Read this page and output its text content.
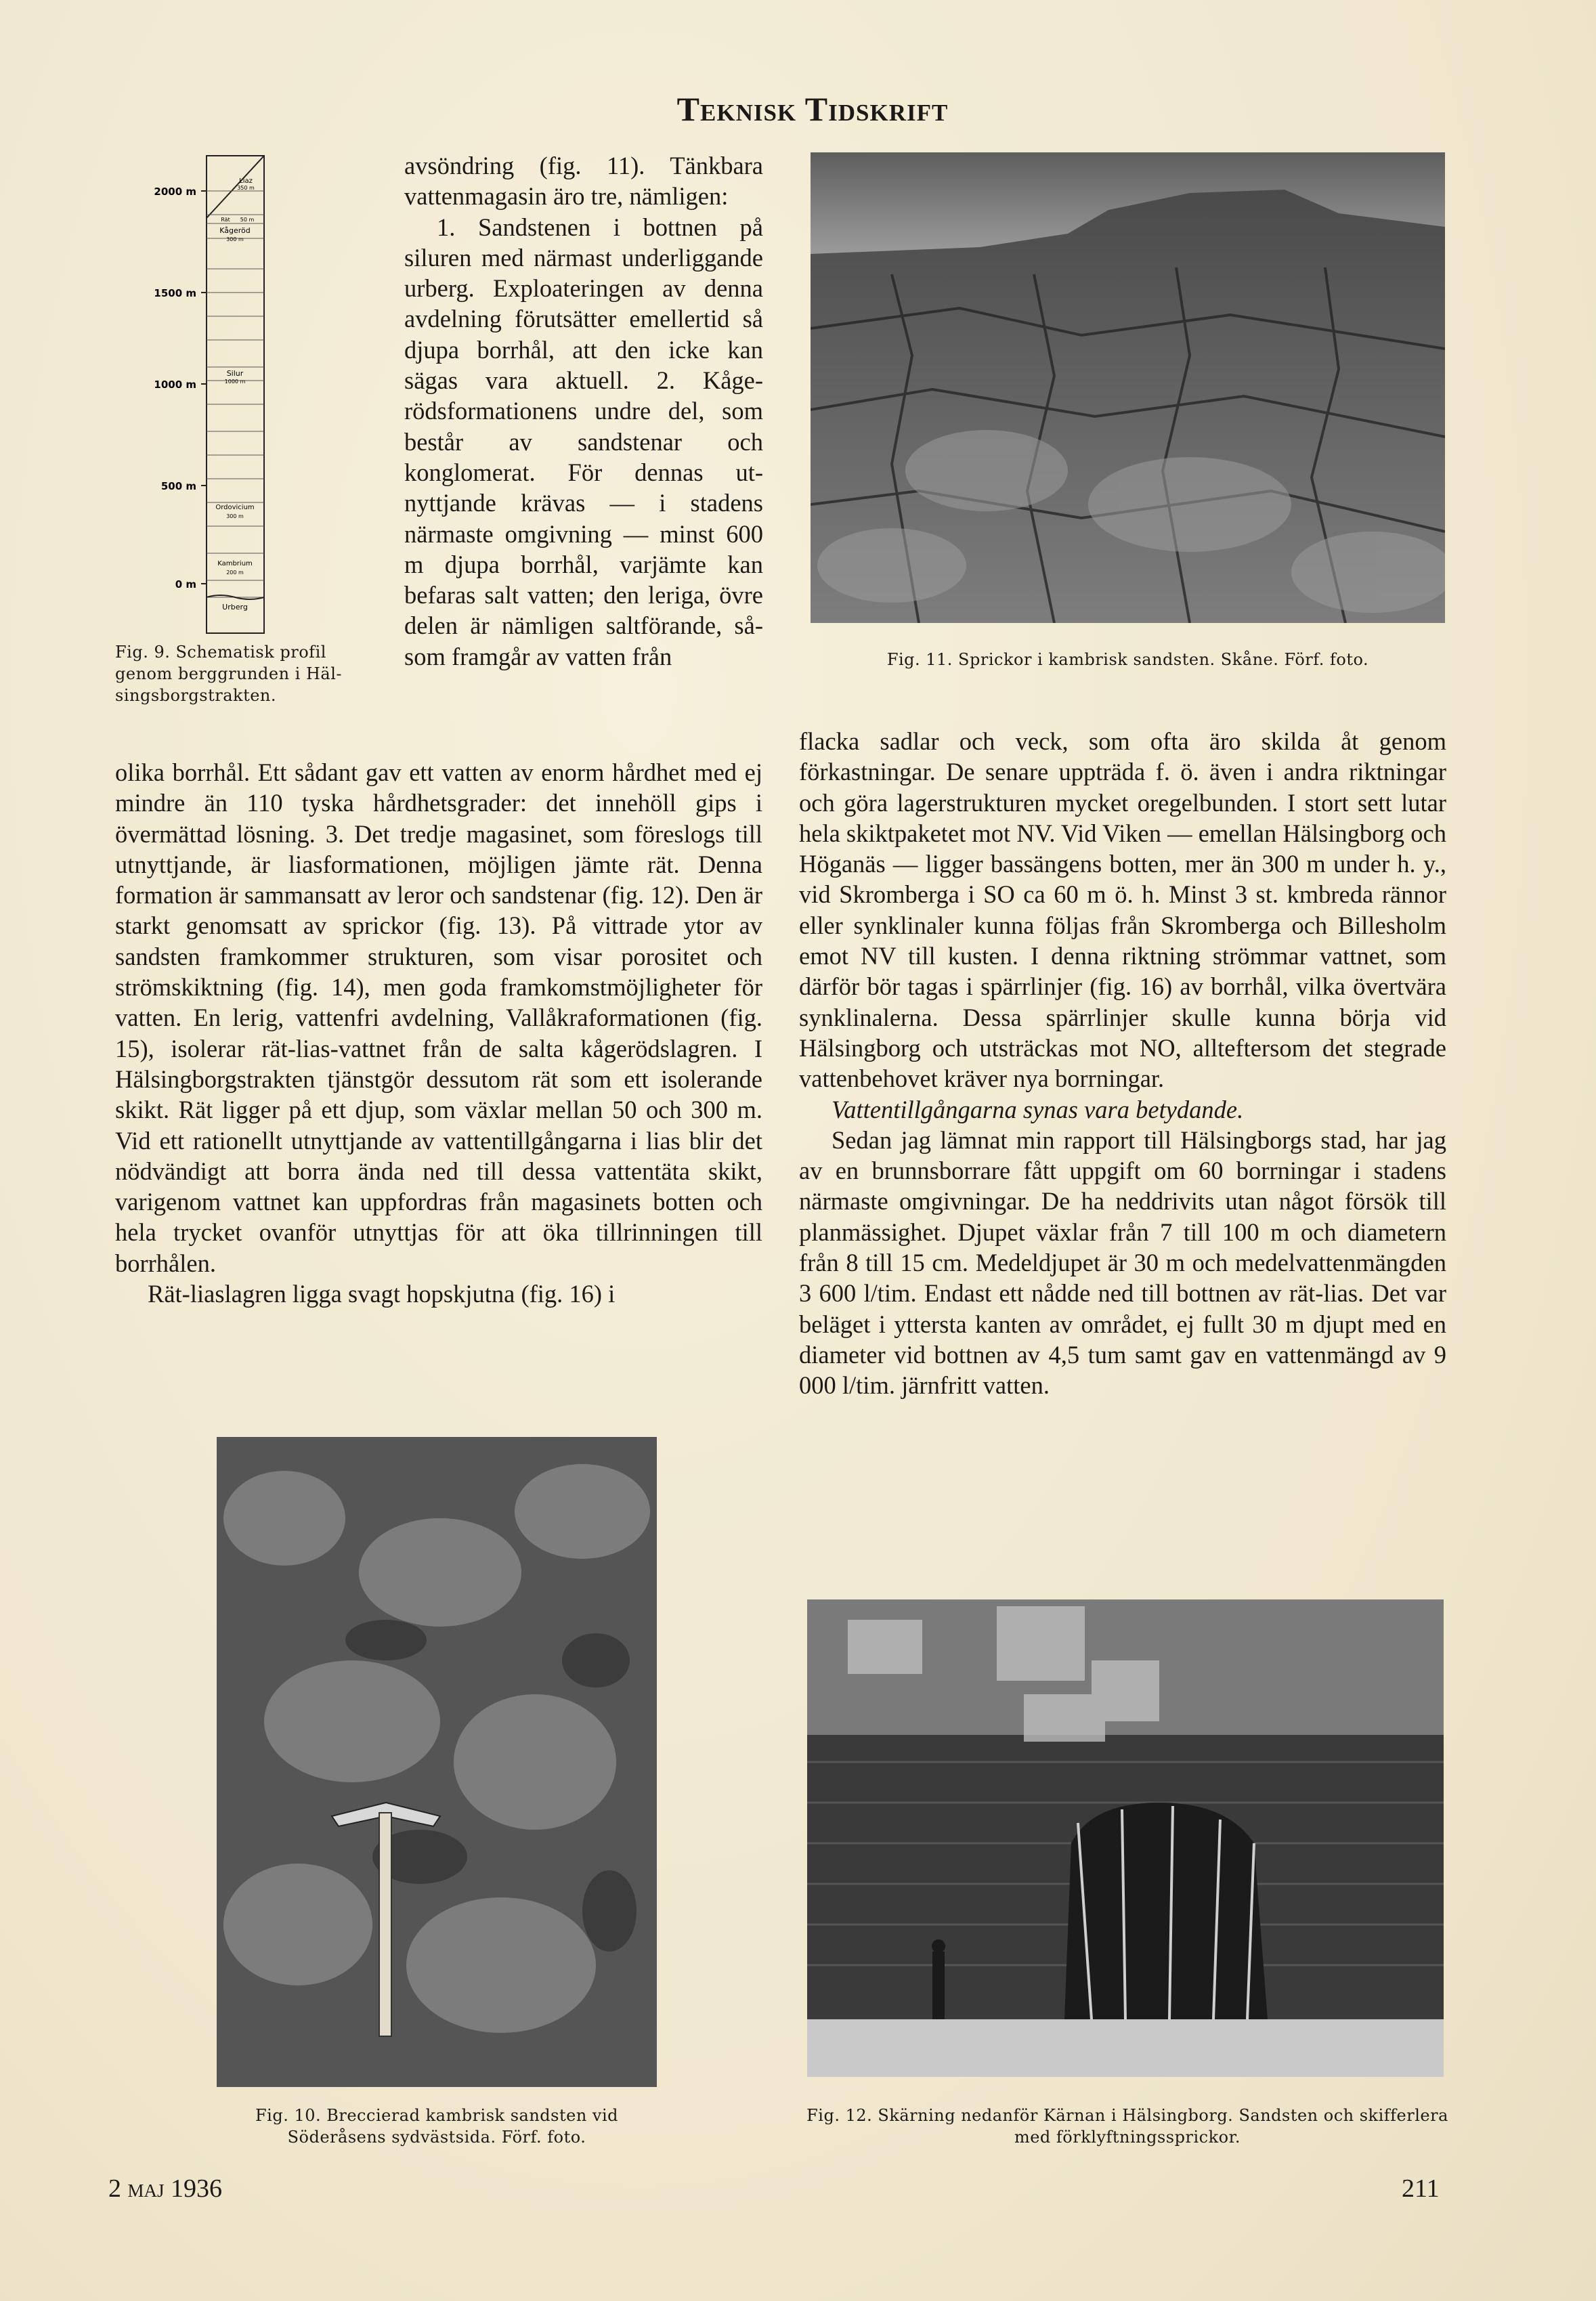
Teknisk Tidskrift
2000 m
1500 m
1000 m
500 m
0 m
Liaz
350 m
Rät 50 m
Kågeröd
300 m
Silur
1000 m
Ordovicium
300 m
Kambrium
200 m
Urberg
Fig. 9. Schematisk profil genom berggrunden i Hälsingsborgstrakten.

avsöndring (fig. 11). Tänkbara vattenmagasin äro tre, nämligen:

1. Sandstenen i bottnen på siluren med närmast underliggande urberg. Exploateringen av denna avdelning förutsätter emellertid så djupa borrhål, att den icke kan sägas vara aktuell. 2. Kågerödsformationens undre del, som består av sandstenar och konglomerat. För dennas utnyttjande krävas — i stadens närmaste omgivning — minst 600 m djupa borrhål, varjämte kan befaras salt vatten; den leriga, övre delen är nämligen saltförande, såsom framgår av vatten från

olika borrhål. Ett sådant gav ett vatten av enorm hårdhet med ej mindre än 110 tyska hårdhetsgrader: det innehöll gips i övermättad lösning. 3. Det tredje magasinet, som föreslogs till utnyttjande, är liasformationen, möjligen jämte rät. Denna formation är sammansatt av leror och sandstenar (fig. 12). Den är starkt genomsatt av sprickor (fig. 13). På vittrade ytor av sandsten framkommer strukturen, som visar porositet och strömskiktning (fig. 14), men goda framkomstmöjligheter för vatten. En lerig, vattenfri avdelning, Vallåkraformationen (fig. 15), isolerar rät-lias-vattnet från de salta kågerödslagren. I Hälsingborgstrakten tjänstgör dessutom rät som ett isolerande skikt. Rät ligger på ett djup, som växlar mellan 50 och 300 m. Vid ett rationellt utnyttjande av vattentillgångarna i lias blir det nödvändigt att borra ända ned till dessa vattentäta skikt, varigenom vattnet kan uppfordras från magasinets botten och hela trycket ovanför utnyttjas för att öka tillrinningen till borrhålen.

Rät-liaslagren ligga svagt hopskjutna (fig. 16) i

Fig. 11. Sprickor i kambrisk sandsten. Skåne. Förf. foto.

flacka sadlar och veck, som ofta äro skilda åt genom förkastningar. De senare uppträda f. ö. även i andra riktningar och göra lagerstrukturen mycket oregelbunden. I stort sett lutar hela skiktpaketet mot NV. Vid Viken — emellan Hälsingborg och Höganäs — ligger bassängens botten, mer än 300 m under h. y., vid Skromberga i SO ca 60 m ö. h. Minst 3 st. kmbreda rännor eller synklinaler kunna följas från Skromberga och Billesholm emot NV till kusten. I denna riktning strömmar vattnet, som därför bör tagas i spärrlinjer (fig. 16) av borrhål, vilka övertvära synklinalerna. Dessa spärrlinjer skulle kunna börja vid Hälsingborg och utsträckas mot NO, allteftersom det stegrade vattenbehovet kräver nya borrningar.

Vattentillgångarna synas vara betydande.

Sedan jag lämnat min rapport till Hälsingborgs stad, har jag av en brunnsborrare fått uppgift om 60 borrningar i stadens närmaste omgivningar. De ha neddrivits utan något försök till planmässighet. Djupet växlar från 7 till 100 m och diametern från 8 till 15 cm. Medeldjupet är 30 m och medelvattenmängden 3 600 l/tim. Endast ett nådde ned till bottnen av rät-lias. Det var beläget i yttersta kanten av området, ej fullt 30 m djupt med en diameter vid bottnen av 4,5 tum samt gav en vattenmängd av 9 000 l/tim. järnfritt vatten.

Fig. 10. Breccierad kambrisk sandsten vid Söderåsens sydvästsida. Förf. foto.
Fig. 12. Skärning nedanför Kärnan i Hälsingborg. Sandsten och skifferlera med förklyftningssprickor.
2 maj 1936	211
